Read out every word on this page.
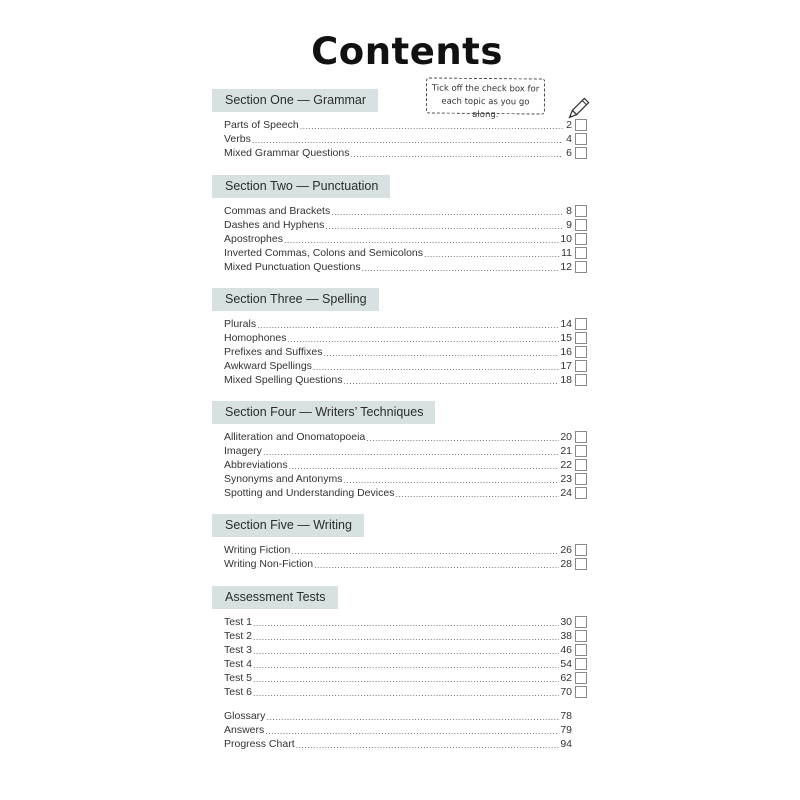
Contents
Tick off the check box for
each topic as you go along.
Section One — Grammar
Parts of Speech .....	2
Verbs .....	4
Mixed Grammar Questions .....	6
Section Two — Punctuation
Commas and Brackets .....	8
Dashes and Hyphens .....	9
Apostrophes .....	10
Inverted Commas, Colons and Semicolons .....	11
Mixed Punctuation Questions .....	12
Section Three — Spelling
Plurals .....	14
Homophones .....	15
Prefixes and Suffixes .....	16
Awkward Spellings .....	17
Mixed Spelling Questions .....	18
Section Four — Writers’ Techniques
Alliteration and Onomatopoeia .....	20
Imagery .....	21
Abbreviations .....	22
Synonyms and Antonyms .....	23
Spotting and Understanding Devices .....	24
Section Five — Writing
Writing Fiction .....	26
Writing Non-Fiction .....	28
Assessment Tests
Test 1 .....	30
Test 2 .....	38
Test 3 .....	46
Test 4 .....	54
Test 5 .....	62
Test 6 .....	70
Glossary .....	78
Answers .....	79
Progress Chart .....	94
